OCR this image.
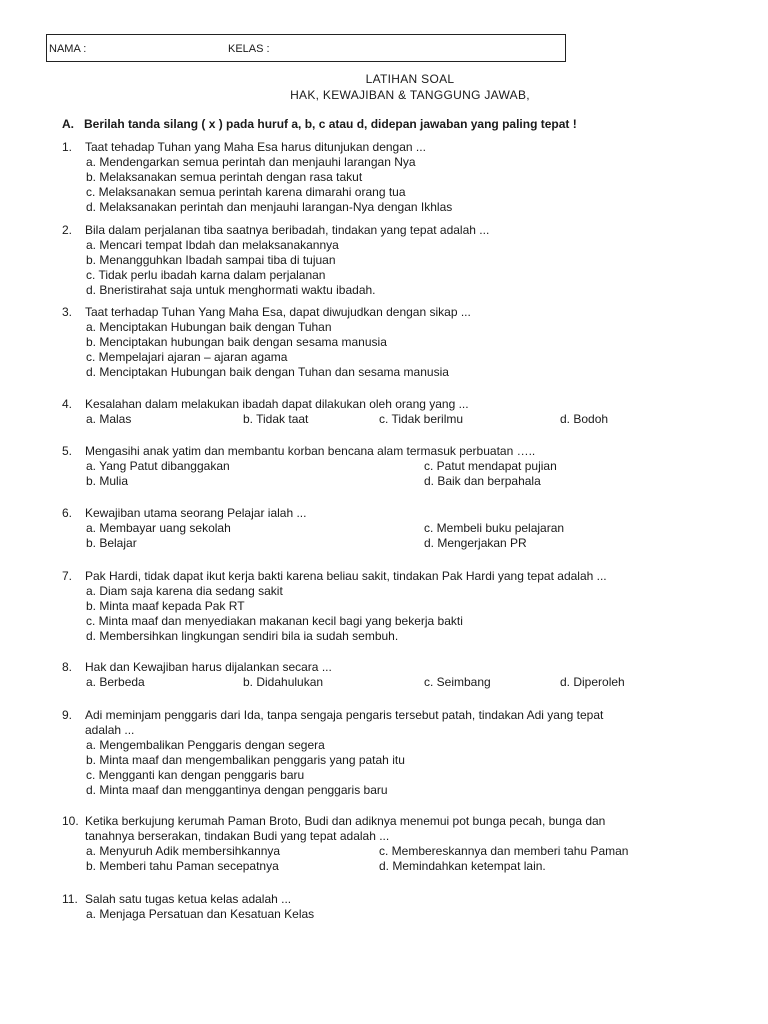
NAMA :	KELAS :
LATIHAN SOAL
HAK, KEWAJIBAN & TANGGUNG JAWAB,
A. Berilah tanda silang ( x ) pada huruf a, b, c atau d, didepan jawaban yang paling tepat !
1. Taat tehadap Tuhan yang Maha Esa harus ditunjukan dengan ...
a. Mendengarkan semua perintah dan menjauhi larangan Nya
b. Melaksanakan semua perintah dengan rasa takut
c. Melaksanakan semua perintah karena dimarahi orang tua
d. Melaksanakan perintah dan menjauhi larangan-Nya dengan Ikhlas
2. Bila dalam perjalanan tiba saatnya beribadah, tindakan yang tepat adalah ...
a. Mencari tempat Ibdah dan melaksanakannya
b. Menangguhkan Ibadah sampai tiba di tujuan
c. Tidak perlu ibadah karna dalam perjalanan
d. Bneristirahat saja untuk menghormati waktu ibadah.
3. Taat terhadap Tuhan Yang Maha Esa, dapat diwujudkan dengan sikap ...
a. Menciptakan Hubungan baik dengan Tuhan
b. Menciptakan hubungan baik dengan sesama manusia
c. Mempelajari ajaran – ajaran agama
d. Menciptakan Hubungan baik dengan Tuhan dan sesama manusia
4. Kesalahan dalam melakukan ibadah dapat dilakukan oleh orang yang ...
a. Malas	b. Tidak taat	c. Tidak berilmu	d. Bodoh
5. Mengasihi anak yatim dan membantu korban bencana alam termasuk perbuatan …..
a. Yang Patut dibanggakan	c. Patut mendapat pujian
b. Mulia	d. Baik dan berpahala
6. Kewajiban utama seorang Pelajar ialah ...
a. Membayar uang sekolah	c. Membeli buku pelajaran
b. Belajar	d. Mengerjakan PR
7. Pak Hardi, tidak dapat ikut kerja bakti karena beliau sakit, tindakan Pak Hardi yang tepat adalah ...
a. Diam saja karena dia sedang sakit
b. Minta maaf kepada Pak RT
c. Minta maaf dan menyediakan makanan kecil bagi yang bekerja bakti
d. Membersihkan lingkungan sendiri bila ia sudah sembuh.
8. Hak dan Kewajiban harus dijalankan secara ...
a. Berbeda	b. Didahulukan	c. Seimbang	d. Diperoleh
9. Adi meminjam penggaris dari Ida, tanpa sengaja pengaris tersebut patah, tindakan Adi yang tepat
adalah ...
a. Mengembalikan Penggaris dengan segera
b. Minta maaf dan mengembalikan penggaris yang patah itu
c. Mengganti kan dengan penggaris baru
d. Minta maaf dan menggantinya dengan penggaris baru
10. Ketika berkujung kerumah Paman Broto, Budi dan adiknya menemui pot bunga pecah, bunga dan
tanahnya berserakan, tindakan Budi yang tepat adalah ...
a. Menyuruh Adik membersihkannya	c. Membereskannya dan memberi tahu Paman
b. Memberi tahu Paman secepatnya	d. Memindahkan ketempat lain.
11. Salah satu tugas ketua kelas adalah ...
a. Menjaga Persatuan dan Kesatuan Kelas
